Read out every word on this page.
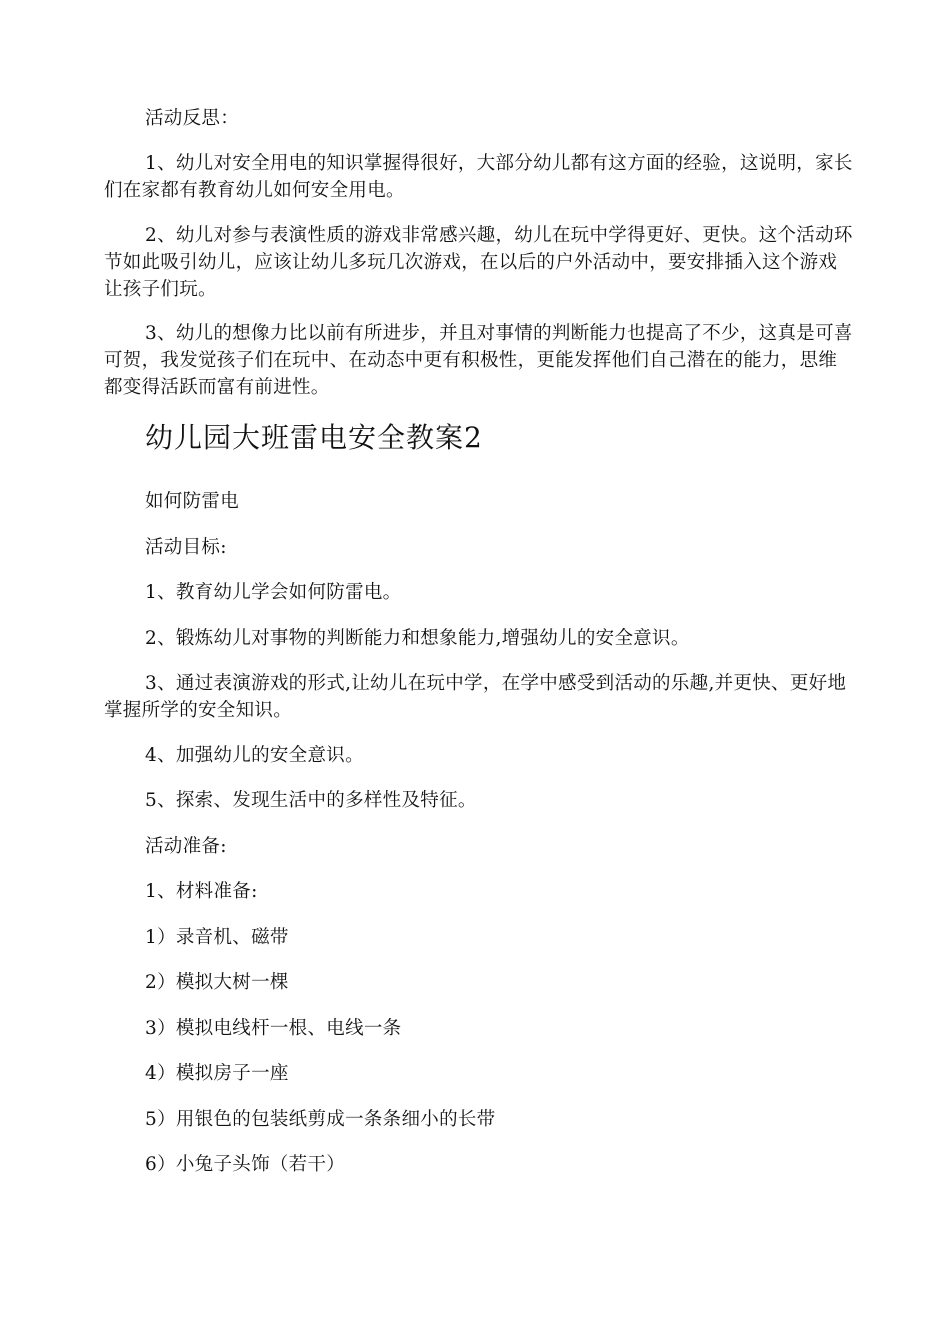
活动反思：
1、幼儿对安全用电的知识掌握得很好，大部分幼儿都有这方面的经验，这说明，家长们在家都有教育幼儿如何安全用电。
2、幼儿对参与表演性质的游戏非常感兴趣，幼儿在玩中学得更好、更快。这个活动环节如此吸引幼儿，应该让幼儿多玩几次游戏，在以后的户外活动中，要安排插入这个游戏让孩子们玩。
3、幼儿的想像力比以前有所进步，并且对事情的判断能力也提高了不少，这真是可喜可贺，我发觉孩子们在玩中、在动态中更有积极性，更能发挥他们自己潜在的能力，思维都变得活跃而富有前进性。
幼儿园大班雷电安全教案2
如何防雷电
活动目标:
1、教育幼儿学会如何防雷电。
2、锻炼幼儿对事物的判断能力和想象能力,增强幼儿的安全意识。
3、通过表演游戏的形式,让幼儿在玩中学，在学中感受到活动的乐趣,并更快、更好地掌握所学的安全知识。
4、加强幼儿的安全意识。
5、探索、发现生活中的多样性及特征。
活动准备:
1、材料准备:
1）录音机、磁带
2）模拟大树一棵
3）模拟电线杆一根、电线一条
4）模拟房子一座
5）用银色的包装纸剪成一条条细小的长带
6）小兔子头饰（若干）
